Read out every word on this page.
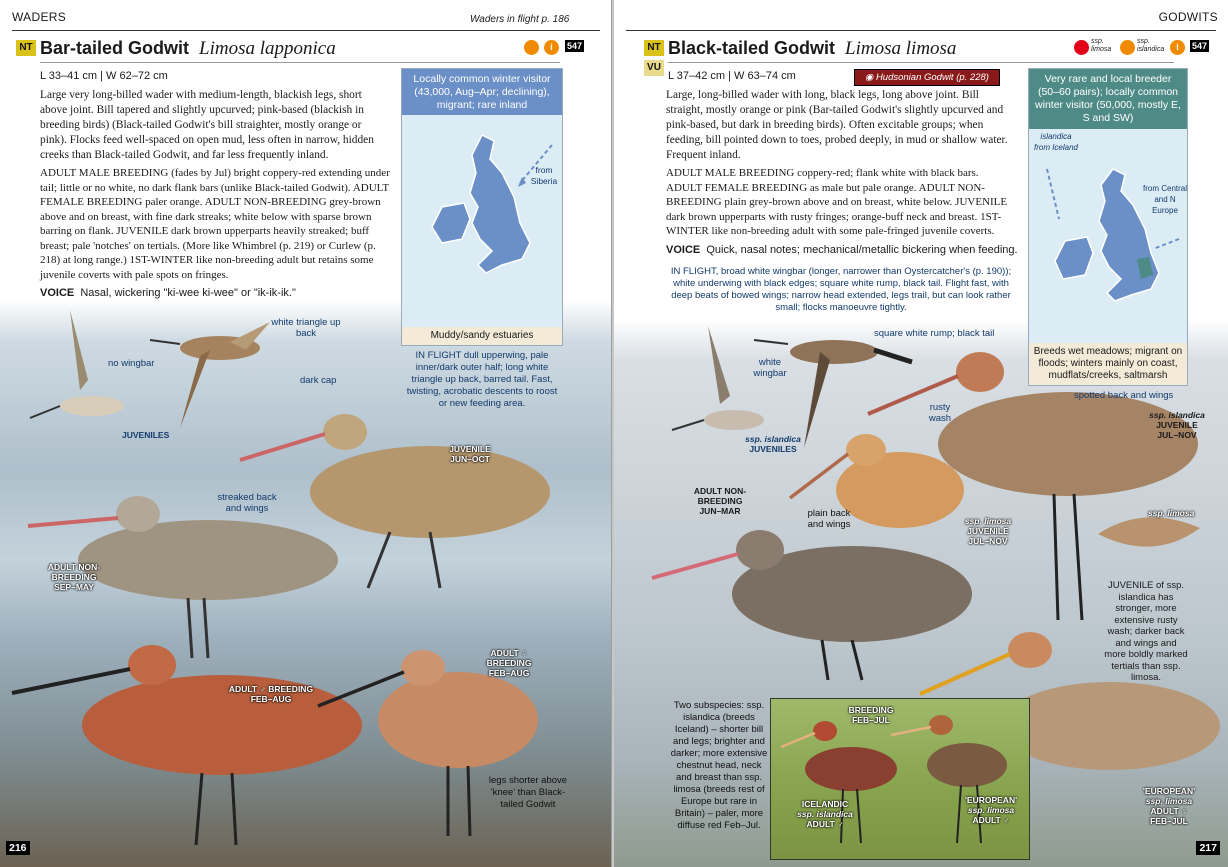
WADERS	Waders in flight p. 186
NT Bar-tailed Godwit Limosa lapponica	i	547
L 33–41 cm | W 62–72 cm
Large very long-billed wader with medium-length, blackish legs, short above joint. Bill tapered and slightly upcurved; pink-based (blackish in breeding birds) (Black-tailed Godwit's bill straighter, mostly orange or pink). Flocks feed well-spaced on open mud, less often in narrow, hidden creeks than Black-tailed Godwit, and far less frequently inland.
ADULT MALE BREEDING (fades by Jul) bright coppery-red extending under tail; little or no white, no dark flank bars (unlike Black-tailed Godwit). ADULT FEMALE BREEDING paler orange. ADULT NON-BREEDING grey-brown above and on breast, with fine dark streaks; white below with sparse brown barring on flank. JUVENILE dark brown upperparts heavily streaked; buff breast; pale 'notches' on tertials. (More like Whimbrel (p. 219) or Curlew (p. 218) at long range.) 1ST-WINTER like non-breeding adult but retains some juvenile coverts with pale spots on fringes.
VOICE Nasal, wickering "ki-wee ki-wee" or "ik-ik-ik."
Locally common winter visitor (43,000, Aug–Apr; declining), migrant; rare inland
from Siberia
Muddy/sandy estuaries
IN FLIGHT dull upperwing, pale inner/dark outer half; long white triangle up back, barred tail. Fast, twisting, acrobatic descents to roost or new feeding area.
no wingbar
white triangle up back
JUVENILES
dark cap
JUVENILE
JUN–OCT
streaked back and wings
ADULT NON-BREEDING
SEP–MAY
ADULT ♂ BREEDING
FEB–AUG
ADULT ♀ BREEDING
FEB–AUG
legs shorter above 'knee' than Black-tailed Godwit
216
GODWITS
NT
VU
Black-tailed Godwit Limosa limosa	ssp. limosa
ssp. islandica	i	547
L 37–42 cm | W 63–74 cm	◉ Hudsonian Godwit (p. 228)
Large, long-billed wader with long, black legs, long above joint. Bill straight, mostly orange or pink (Bar-tailed Godwit's slightly upcurved and pink-based, but dark in breeding birds). Often excitable groups; when feeding, bill pointed down to toes, probed deeply, in mud or shallow water. Frequent inland.
ADULT MALE BREEDING coppery-red; flank white with black bars. ADULT FEMALE BREEDING as male but pale orange. ADULT NON-BREEDING plain grey-brown above and on breast, white below. JUVENILE dark brown upperparts with rusty fringes; orange-buff neck and breast. 1ST-WINTER like non-breeding adult with some pale-fringed juvenile coverts.
VOICE Quick, nasal notes; mechanical/metallic bickering when feeding.
IN FLIGHT, broad white wingbar (longer, narrower than Oystercatcher's (p. 190)); white underwing with black edges; square white rump, black tail. Flight fast, with deep beats of bowed wings; narrow head extended, legs trail, but can look rather small; flocks manoeuvre tightly.
Very rare and local breeder (50–60 pairs); locally common winter visitor (50,000, mostly E, S and SW)
islandica from Iceland
from Central and N Europe
Breeds wet meadows; migrant on floods; winters mainly on coast, mudflats/creeks, saltmarsh
square white rump; black tail
white wingbar
ssp. islandica
JUVENILES
rusty wash
spotted back and wings
ssp. islandica
JUVENILE
JUL–NOV
ssp. limosa
JUVENILE
JUL–NOV
plain back and wings
ADULT NON-BREEDING
JUN–MAR	ssp. limosa
JUVENILE of ssp. islandica has stronger, more extensive rusty wash; darker back and wings and more boldly marked tertials than ssp. limosa.
'EUROPEAN'
ssp. limosa
ADULT ♀
FEB–JUL
Two subspecies: ssp. islandica (breeds Iceland) – shorter bill and legs; brighter and darker; more extensive chestnut head, neck and breast than ssp. limosa (breeds rest of Europe but rare in Britain) – paler, more diffuse red Feb–Jul.
BREEDING
FEB–JUL
ICELANDIC
ssp. islandica
ADULT ♂
'EUROPEAN'
ssp. limosa
ADULT ♂
217
